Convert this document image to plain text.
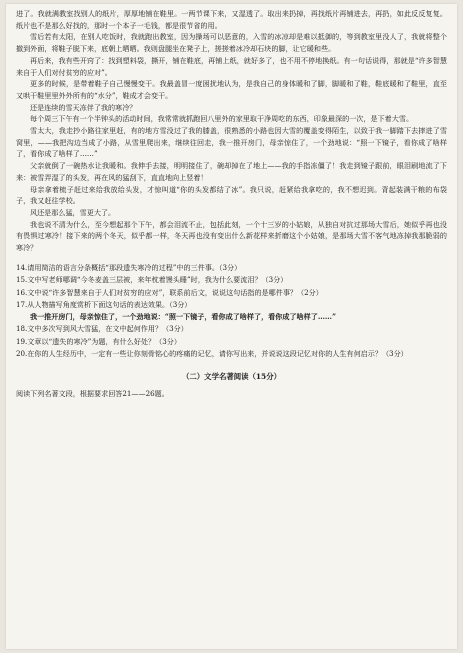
进了。我就满教室找别人的纸片，厚厚地铺在鞋里。一两节课下来，又湿透了。取出来扔掉，再找纸片再铺进去，再扔，如此反反复复。纸片也不是那么好找的，那时一个本子一毛钱，都是很节省的用。

雪后若有太阳，在别人吃饭时，我就跑出教室，因为操场可以恶意的，入雪的冰凉却是难以抵御的，等到教室里没人了，我就将整个撤到外面，将鞋子脱下来，底朝上晒晒。我则盘腿坐在凳子上，搓搓着冰冷却石块的脚，让它暖和些。

再后来，我有些开窍了：找到塑料袋，撕开，铺在鞋底，再铺上纸，就好多了，也不用不停地换纸。有一句话说得，那就是“许多智慧来自于人们对付贫穷的应对”。

更多的时候，是带着鞋子自己慢慢变干。我最盖冒一度困扰地认为，是我自己的身体暖和了脚，脚暖和了鞋，鞋底暖和了鞋里，直至又哄干鞋里里外外所有的“水分”，鞋成才会变干。

还是连续的雪天冻伴了我的寒冷？

每个周三下午有一个半钟头的活动时间，我常常就抓跑回八里外的家里取干净周吃的东西，印象最深的一次，是下着大雪。

雪太大，我走抄小路往家里赶，有的地方雪没过了我的膝盖，很熟悉的小路也因大雪的覆盖变得陌生，以致于我一脚踏下去摔进了雪窝里，——我把沟边当成了小路，从雪里爬出来，继续往回走，我一推开房门，母亲惊住了，一个劲地说：“照一下镜子，看你成了啥样了，看你成了啥样了……”

父亲就倒了一碗热水让我暖和。我伸手去接，明明接住了，碗却掉在了地上——我的手指冻僵了！我走到镜子跟前，眼泪刷地流了下来：被雪弄湿了的头发，再在风的猛刮下，直直地向上竖着！

母亲拿着梳子赶过来给我放给头发，才惊叫道“你的头发都结了冰”。我只说，赶紧给我拿吃的，我不想迟到。背起装满干粮的布袋子，我又赶往学校。

风还是那么猛，雪更大了。

我也说不清为什么，至今想起那个下午，都会泪流不止，包括此刻，一个十三岁的小姑娘，从独自对抗过那场大雪后，她似乎再也没有畏惧过寒冷！接下来的两个冬天，似乎都一样，冬天再也没有变出什么新花样来折磨这个小姑娘，是那场大雪不客气地冻掉我那脆弱的寒冷？

14.请用简洁的语言分条概括“那段遗失寒冷的过程”中的三件事。（3分）

15.文中写老师哪调“今冬麦盖三层被，来年枕着馒头睡”时，我为什么要流泪？（3分）

16.文中说“许多智慧来自于人们对贫穷的应对”，联系前后文，说说这句话指的是哪件事？（2分）

17.从人物描写角度赏析下面这句话的表达效果。（3分）

我一推开房门，母亲惊住了，一个劲地说：“照一下镜子，看你成了啥样了，看你成了啥样了……”

18.文中多次写到风大雪猛，在文中起何作用？（3分）

19.文章以“遗失的寒冷”为题，有什么好处？（3分）

20.在你的人生经历中，一定有一些让你刻骨铭心的疼痛的记忆，请你写出来，并说说这段记忆对你的人生有何启示？（3分）

（二）文学名著阅读（15分）

阅读下列名著文段，根据要求回答21——26题。
